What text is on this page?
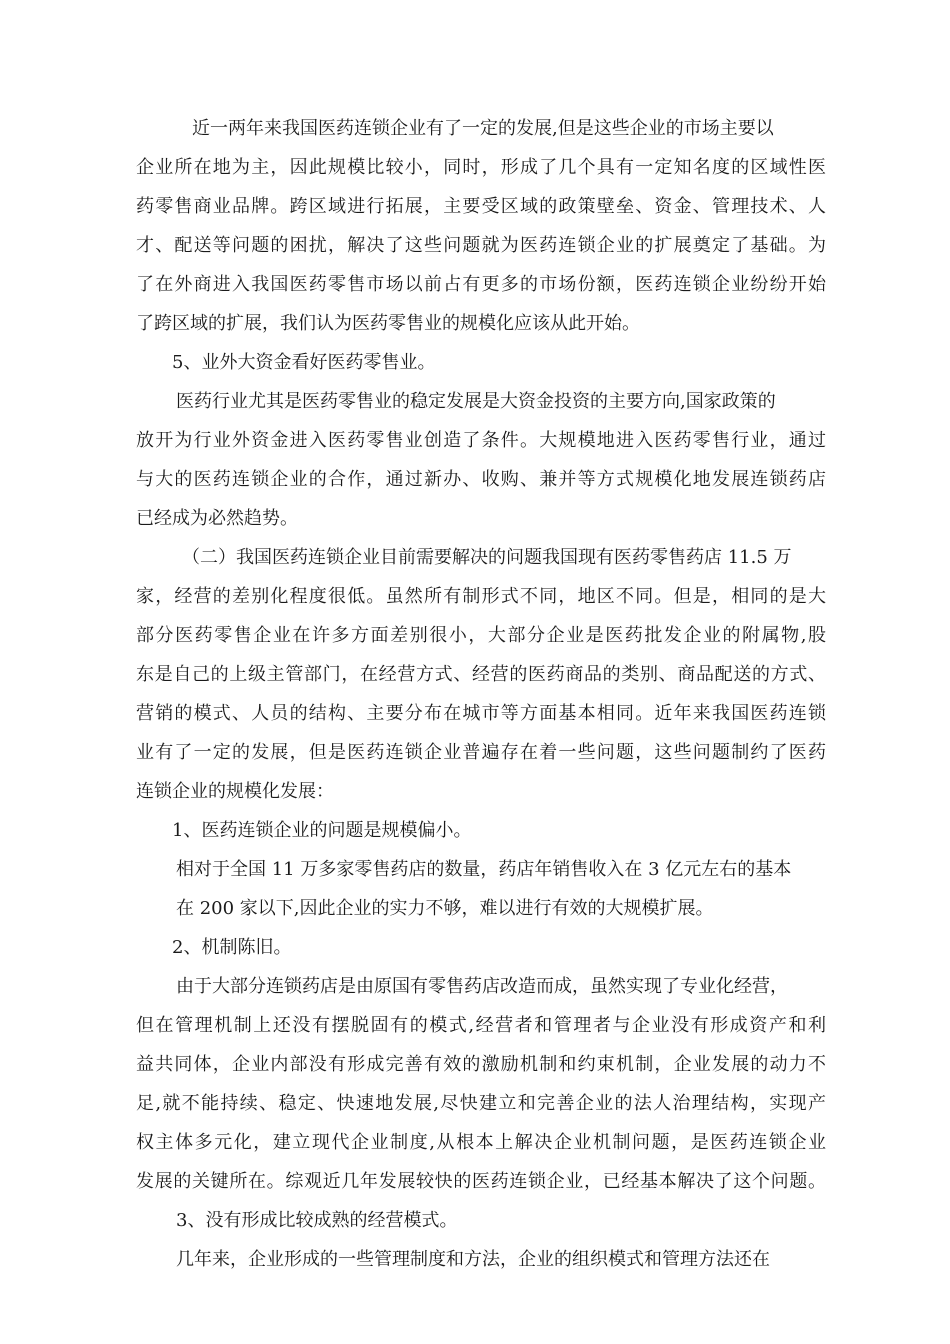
近一两年来我国医药连锁企业有了一定的发展,但是这些企业的市场主要以
企业所在地为主，因此规模比较小，同时，形成了几个具有一定知名度的区域性医
药零售商业品牌。跨区域进行拓展，主要受区域的政策壁垒、资金、管理技术、人
才、配送等问题的困扰，解决了这些问题就为医药连锁企业的扩展奠定了基础。为
了在外商进入我国医药零售市场以前占有更多的市场份额，医药连锁企业纷纷开始
了跨区域的扩展，我们认为医药零售业的规模化应该从此开始。
5、业外大资金看好医药零售业。
医药行业尤其是医药零售业的稳定发展是大资金投资的主要方向,国家政策的
放开为行业外资金进入医药零售业创造了条件。大规模地进入医药零售行业，通过
与大的医药连锁企业的合作，通过新办、收购、兼并等方式规模化地发展连锁药店
已经成为必然趋势。
（二）我国医药连锁企业目前需要解决的问题我国现有医药零售药店 11.5 万
家，经营的差别化程度很低。虽然所有制形式不同，地区不同。但是，相同的是大
部分医药零售企业在许多方面差别很小，大部分企业是医药批发企业的附属物,股
东是自己的上级主管部门，在经营方式、经营的医药商品的类别、商品配送的方式、
营销的模式、人员的结构、主要分布在城市等方面基本相同。近年来我国医药连锁
业有了一定的发展，但是医药连锁企业普遍存在着一些问题，这些问题制约了医药
连锁企业的规模化发展：
1、医药连锁企业的问题是规模偏小。
相对于全国 11 万多家零售药店的数量，药店年销售收入在 3 亿元左右的基本
在 200 家以下,因此企业的实力不够，难以进行有效的大规模扩展。
2、机制陈旧。
由于大部分连锁药店是由原国有零售药店改造而成，虽然实现了专业化经营，
但在管理机制上还没有摆脱固有的模式,经营者和管理者与企业没有形成资产和利
益共同体，企业内部没有形成完善有效的激励机制和约束机制，企业发展的动力不
足,就不能持续、稳定、快速地发展,尽快建立和完善企业的法人治理结构，实现产
权主体多元化，建立现代企业制度,从根本上解决企业机制问题，是医药连锁企业
发展的关键所在。综观近几年发展较快的医药连锁企业，已经基本解决了这个问题。
3、没有形成比较成熟的经营模式。
几年来，企业形成的一些管理制度和方法，企业的组织模式和管理方法还在
